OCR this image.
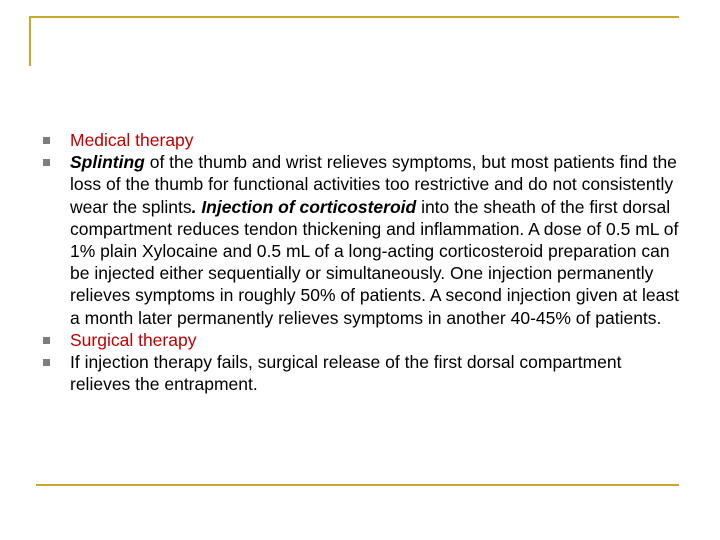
Medical therapy
Splinting of the thumb and wrist relieves symptoms, but most patients find the loss of the thumb for functional activities too restrictive and do not consistently wear the splints. Injection of corticosteroid into the sheath of the first dorsal compartment reduces tendon thickening and inflammation. A dose of 0.5 mL of 1% plain Xylocaine and 0.5 mL of a long-acting corticosteroid preparation can be injected either sequentially or simultaneously. One injection permanently relieves symptoms in roughly 50% of patients. A second injection given at least a month later permanently relieves symptoms in another 40-45% of patients.
Surgical therapy
If injection therapy fails, surgical release of the first dorsal compartment relieves the entrapment.
